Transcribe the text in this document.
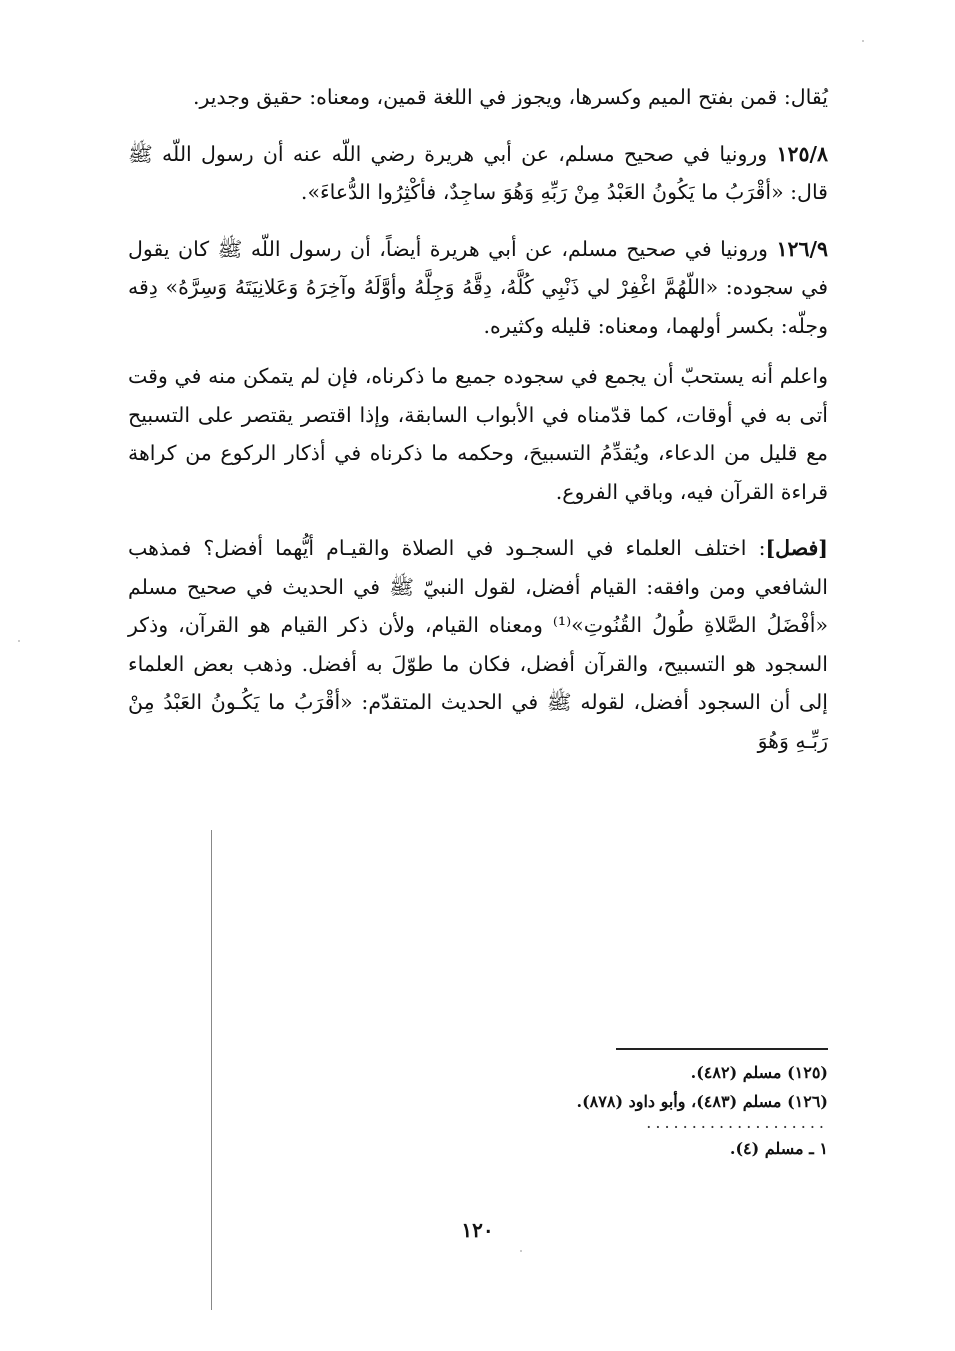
يُقال: قمن بفتح الميم وكسرها، ويجوز في اللغة قمين، ومعناه: حقيق وجدير.

١٢٥/٨ ورونيا في صحيح مسلم، عن أبي هريرة رضي اللّه عنه أن رسول اللّه ﷺ قال: «أقْرَبُ ما يَكُونُ العَبْدُ مِنْ رَبِّهِ وَهُوَ ساجِدٌ، فأكْثِرُوا الدُّعاءَ».

١٢٦/٩ ورونيا في صحيح مسلم، عن أبي هريرة أيضاً، أن رسول اللّه ﷺ كان يقول في سجوده: «اللّهُمَّ اغْفِرْ لي ذَنْبِي كُلَّهُ، دِقَّهُ وَجِلَّهُ وأوَّلَهُ وآخِرَهُ وَعَلانِيَتَهُ وَسِرَّهُ» دِقه وجلّه: بكسر أولهما، ومعناه: قليله وكثيره.

واعلم أنه يستحبّ أن يجمع في سجوده جميع ما ذكرناه، فإن لم يتمكن منه في وقت أتى به في أوقات، كما قدّمناه في الأبواب السابقة، وإذا اقتصر يقتصر على التسبيح مع قليل من الدعاء، ويُقدِّمُ التسبيحَ، وحكمه ما ذكرناه في أذكار الركوع من كراهة قراءة القرآن فيه، وباقي الفروع.

[فصل]: اختلف العلماء في السجـود في الصلاة والقيـام أيُّهما أفضل؟ فمذهب الشافعي ومن وافقه: القيام أفضل، لقول النبيّ ﷺ في الحديث في صحيح مسلم «أفْضَلُ الصَّلاةِ طُولُ القُنُوتِ»⁽¹⁾ ومعناه القيام، ولأن ذكر القيام هو القرآن، وذكر السجود هو التسبيح، والقرآن أفضل، فكان ما طوّلَ به أفضل. وذهب بعض العلماء إلى أن السجود أفضل، لقوله ﷺ في الحديث المتقدّم: «أقْرَبُ ما يَكُـونُ العَبْدُ مِنْ رَبِّـهِ وَهُوَ

(١٢٥) مسلم (٤٨٢).
(١٢٦) مسلم (٤٨٣)، وأبو داود (٨٧٨).
....................
١ ـ مسلم (٤).
١٢٠
